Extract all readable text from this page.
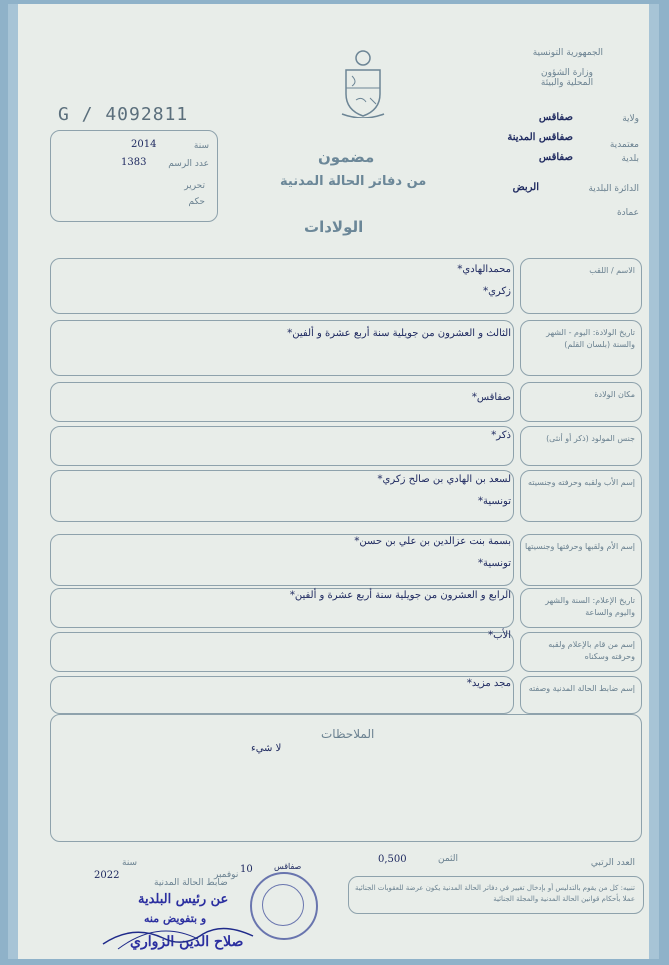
G / 4092811
سنة
2014
عدد الرسم
1383
تحرير
حكم
الجمهورية التونسية
وزارة الشؤون المحلية والبيئة
ولاية
صفاقس
معتمدية
صفاقس المدينة
بلدية
صفاقس
الدائرة البلدية
الربض
عمادة
مضمون
من دفاتر الحالة المدنية
الولادات
الاسم / اللقب
محمدالهادي*
زكري*
تاريخ الولادة: اليوم - الشهر والسنة (بلسان القلم)
الثالث و العشرون من جويلية سنة أربع عشرة و ألفين*
مكان الولادة
صفاقس*
جنس المولود (ذكر أو أنثى)
ذكر*
إسم الأب ولقبه وحرفته وجنسيته
لسعد بن الهادي بن صالح زكري*
تونسية*
إسم الأم ولقبها وحرفتها وجنسيتها
بسمة بنت عزالدين بن علي بن حسن*
تونسية*
تاريخ الإعلام: السنة والشهر واليوم والساعة
الرابع و العشرون من جويلية سنة أربع عشرة و ألفين*
إسم من قام بالإعلام ولقبه وحرفته وسكناه
الأب*
إسم ضابط الحالة المدنية وصفته
مجد مزيد*
الملاحظات
لا شيء
العدد الرتبي
الثمن
0,500
صفاقس
10
نوفمبر
سنة
2022
ضابط الحالة المدنية
عن رئيس البلدية
و بتفويض منه
صلاح الدين الزواري
تنبيه: كل من يقوم بالتدليس أو بإدخال تغيير في دفاتر الحالة المدنية يكون عرضة للعقوبات الجنائية عملا بأحكام قوانين الحالة المدنية والمجلة الجنائية
